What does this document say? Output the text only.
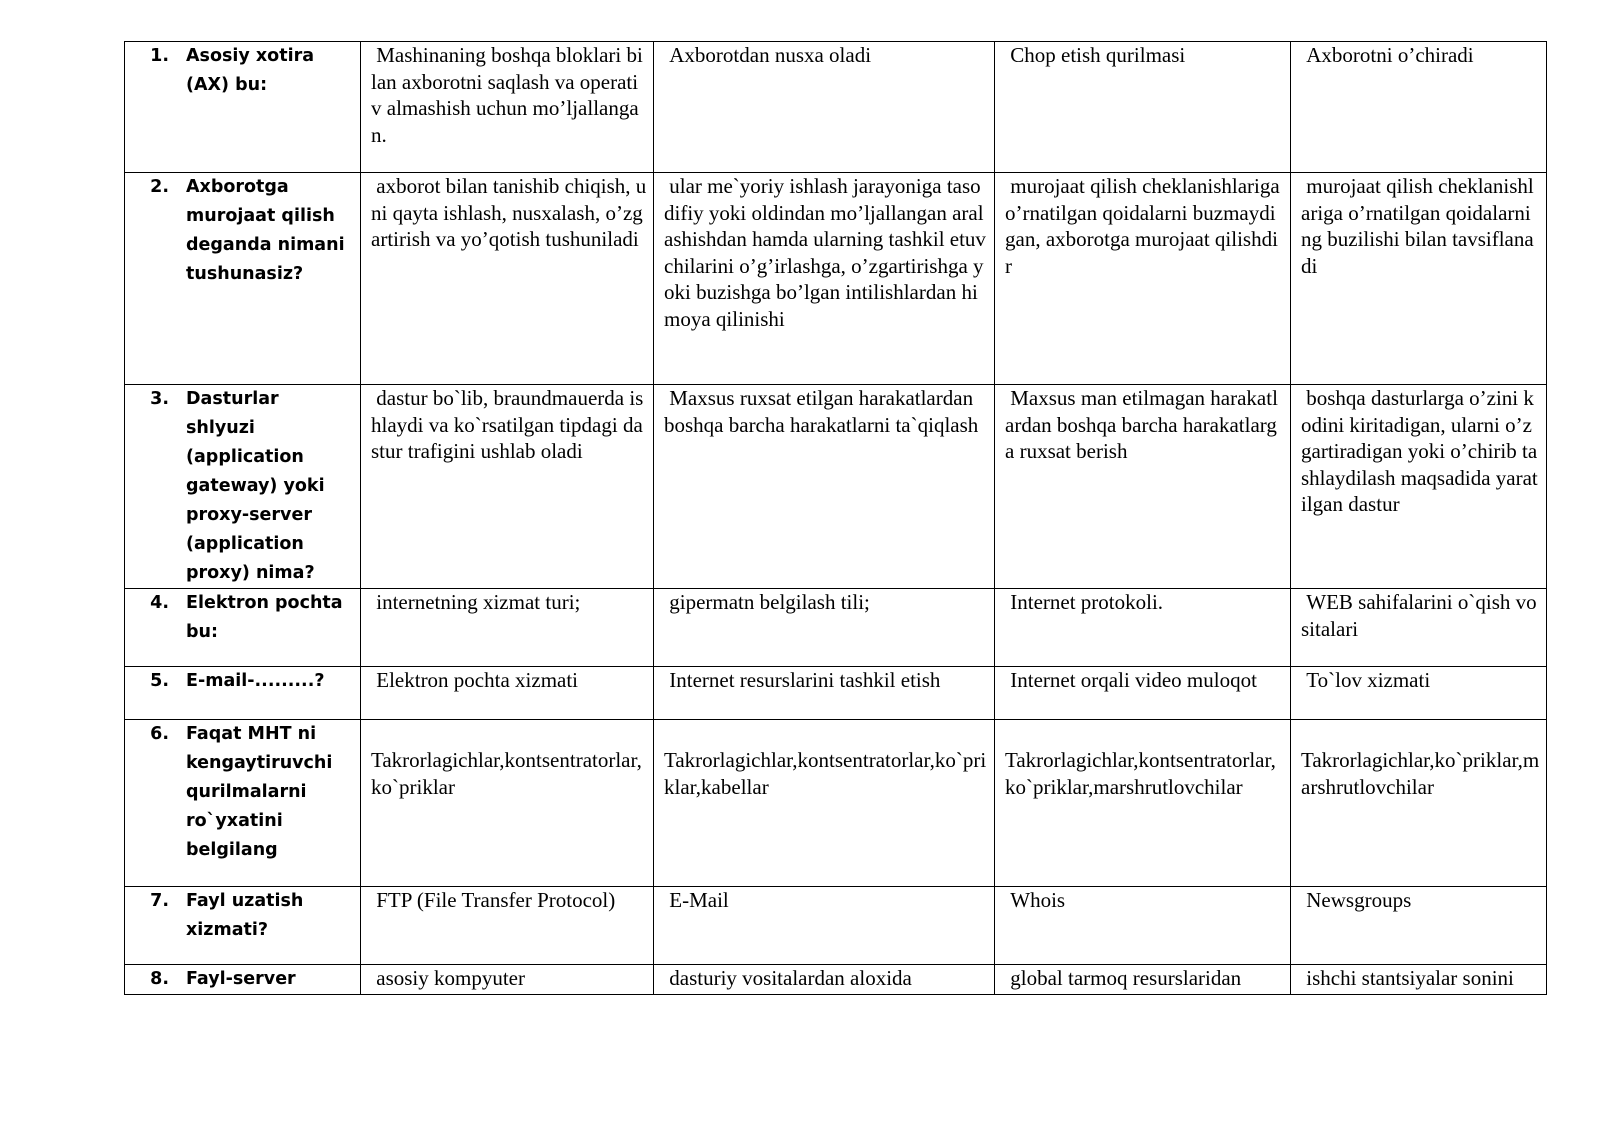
1. Asosiy xotira (AX) bu:	Mashinaning boshqa bloklari bilan axborotni saqlash va operativ almashish uchun mo’ljallangan.	Axborotdan nusxa oladi	Chop etish qurilmasi	Axborotni o’chiradi

2. Axborotga murojaat qilish deganda nimani tushunasiz?	axborot bilan tanishib chiqish, uni qayta ishlash, nusxalash, o’zgartirish va yo’qotish tushuniladi	ular me`yoriy ishlash jarayoniga tasodifiy yoki oldindan mo’ljallangan aralashishdan hamda ularning tashkil etuvchilarini o’g’irlashga, o’zgartirishga yoki buzishga bo’lgan intilishlardan himoya qilinishi	murojaat qilish cheklanishlariga o’rnatilgan qoidalarni buzmaydigan, axborotga murojaat qilishdir	murojaat qilish cheklanishlariga o’rnatilgan qoidalarning buzilishi bilan tavsiflanadi

3. Dasturlar shlyuzi (application gateway) yoki proxy-server (application proxy) nima?	dastur bo`lib, braundmauerda ishlaydi va ko`rsatilgan tipdagi dastur trafigini ushlab oladi	Maxsus ruxsat etilgan harakatlardan boshqa barcha harakatlarni ta`qiqlash	Maxsus man etilmagan harakatlardan boshqa barcha harakatlarga ruxsat berish	boshqa dasturlarga o’zini kodini kiritadigan, ularni o’zgartiradigan yoki o’chirib tashlaydilash maqsadida yaratilgan dastur

4. Elektron pochta bu:	internetning xizmat turi;	gipermatn belgilash tili;	Internet protokoli.	WEB sahifalarini o`qish vositalari

5. E-mail-.........?	Elektron pochta xizmati	Internet resurslarini tashkil etish	Internet orqali video muloqot	To`lov xizmati

6. Faqat MHT ni kengaytiruvchi qurilmalarni ro`yxatini belgilang	Takrorlagichlar,kontsentratorlar,ko`priklar	Takrorlagichlar,kontsentratorlar,ko`priklar,kabellar	Takrorlagichlar,kontsentratorlar,ko`priklar,marshrutlovchilar	Takrorlagichlar,ko`priklar,marshrutlovchilar

7. Fayl uzatish xizmati?	FTP (File Transfer Protocol)	E-Mail	Whois	Newsgroups

8. Fayl-server	asosiy kompyuter	dasturiy vositalardan aloxida	global tarmoq resurslaridan	ishchi stantsiyalar sonini
